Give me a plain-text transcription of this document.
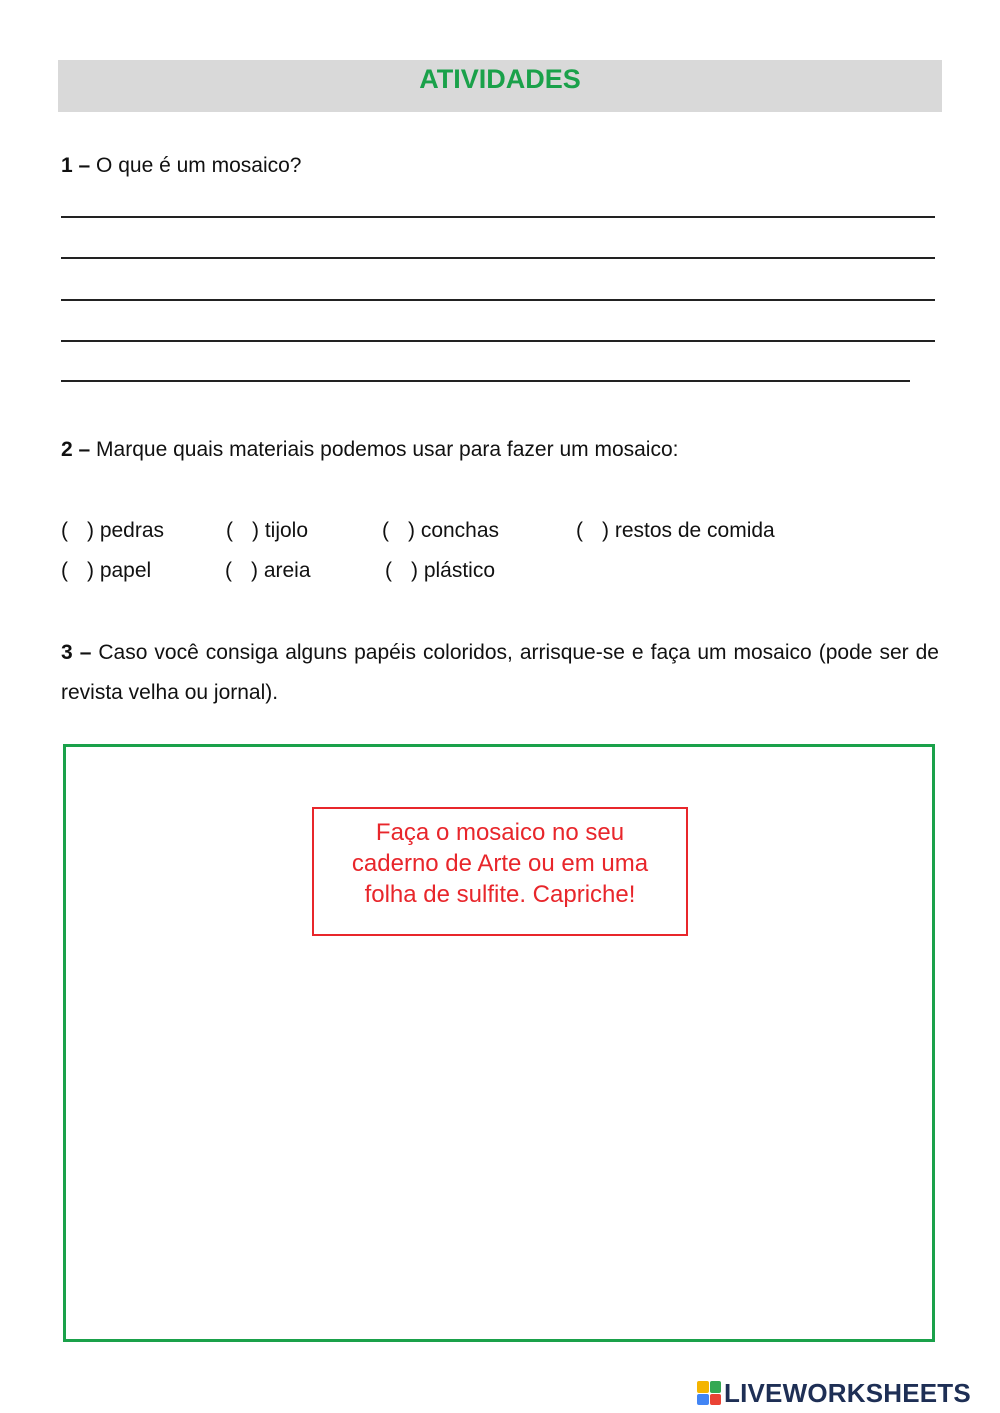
ATIVIDADES
1 – O que é um mosaico?
2 – Marque quais materiais podemos usar para fazer um mosaico:
( ) pedras	( ) tijolo	( ) conchas	( ) restos de comida
( ) papel	( ) areia	( ) plástico
3 – Caso você consiga alguns papéis coloridos, arrisque-se e faça um mosaico (pode ser de revista velha ou jornal).
Faça o mosaico no seu caderno de Arte ou em uma folha de sulfite. Capriche!
LIVEWORKSHEETS
